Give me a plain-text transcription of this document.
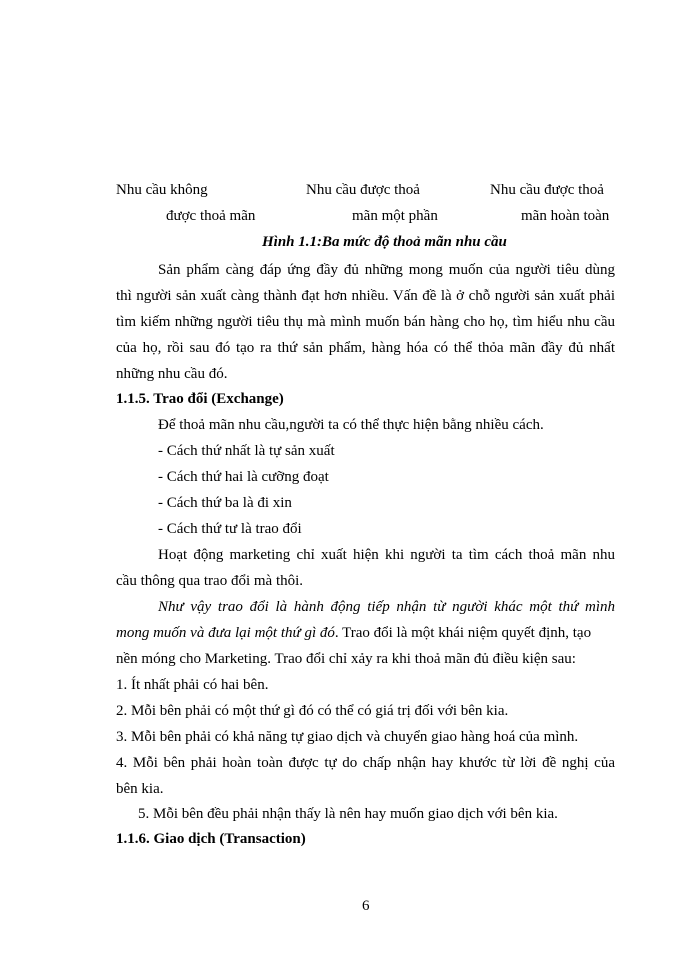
Nhu cầu không
được thoả mãn
Nhu cầu được thoả
mãn một phần
Nhu cầu được thoả
mãn hoàn toàn
Hình 1.1:Ba mức độ thoả mãn nhu cầu
Sản phẩm càng đáp ứng đầy đủ những mong muốn của người tiêu dùng
thì người sản xuất càng thành đạt hơn nhiều. Vấn đề là ở chỗ người sản xuất phải
tìm kiếm những người tiêu thụ mà mình muốn bán hàng cho họ, tìm hiểu nhu cầu
của họ, rồi sau đó tạo ra thứ sản phẩm, hàng hóa có thể thỏa mãn đầy đủ nhất
những nhu cầu đó.
1.1.5. Trao đổi (Exchange)
Để thoả mãn nhu cầu,người ta có thể thực hiện bằng nhiều cách.
- Cách thứ nhất là tự sản xuất
- Cách thứ hai là cưỡng đoạt
- Cách thứ ba là đi xin
- Cách thứ tư là trao đổi
Hoạt động marketing chỉ xuất hiện khi người ta tìm cách thoả mãn nhu
cầu thông qua trao đổi mà thôi.
Như vậy trao đổi là hành động tiếp nhận từ người khác một thứ mình
mong muốn và đưa lại một thứ gì đó. Trao đổi là một khái niệm quyết định, tạo
nền móng cho Marketing. Trao đổi chỉ xảy ra khi thoả mãn đủ điều kiện sau:
1. Ít nhất phải có hai bên.
2. Mỗi bên phải có một thứ gì đó có thể có giá trị đối với bên kia.
3. Mỗi bên phải có khả năng tự giao dịch và chuyển giao hàng hoá của mình.
4. Mỗi bên phải hoàn toàn được tự do chấp nhận hay khước từ lời đề nghị của
bên kia.
5. Mỗi bên đều phải nhận thấy là nên hay muốn giao dịch với bên kia.
1.1.6. Giao dịch (Transaction)
6
